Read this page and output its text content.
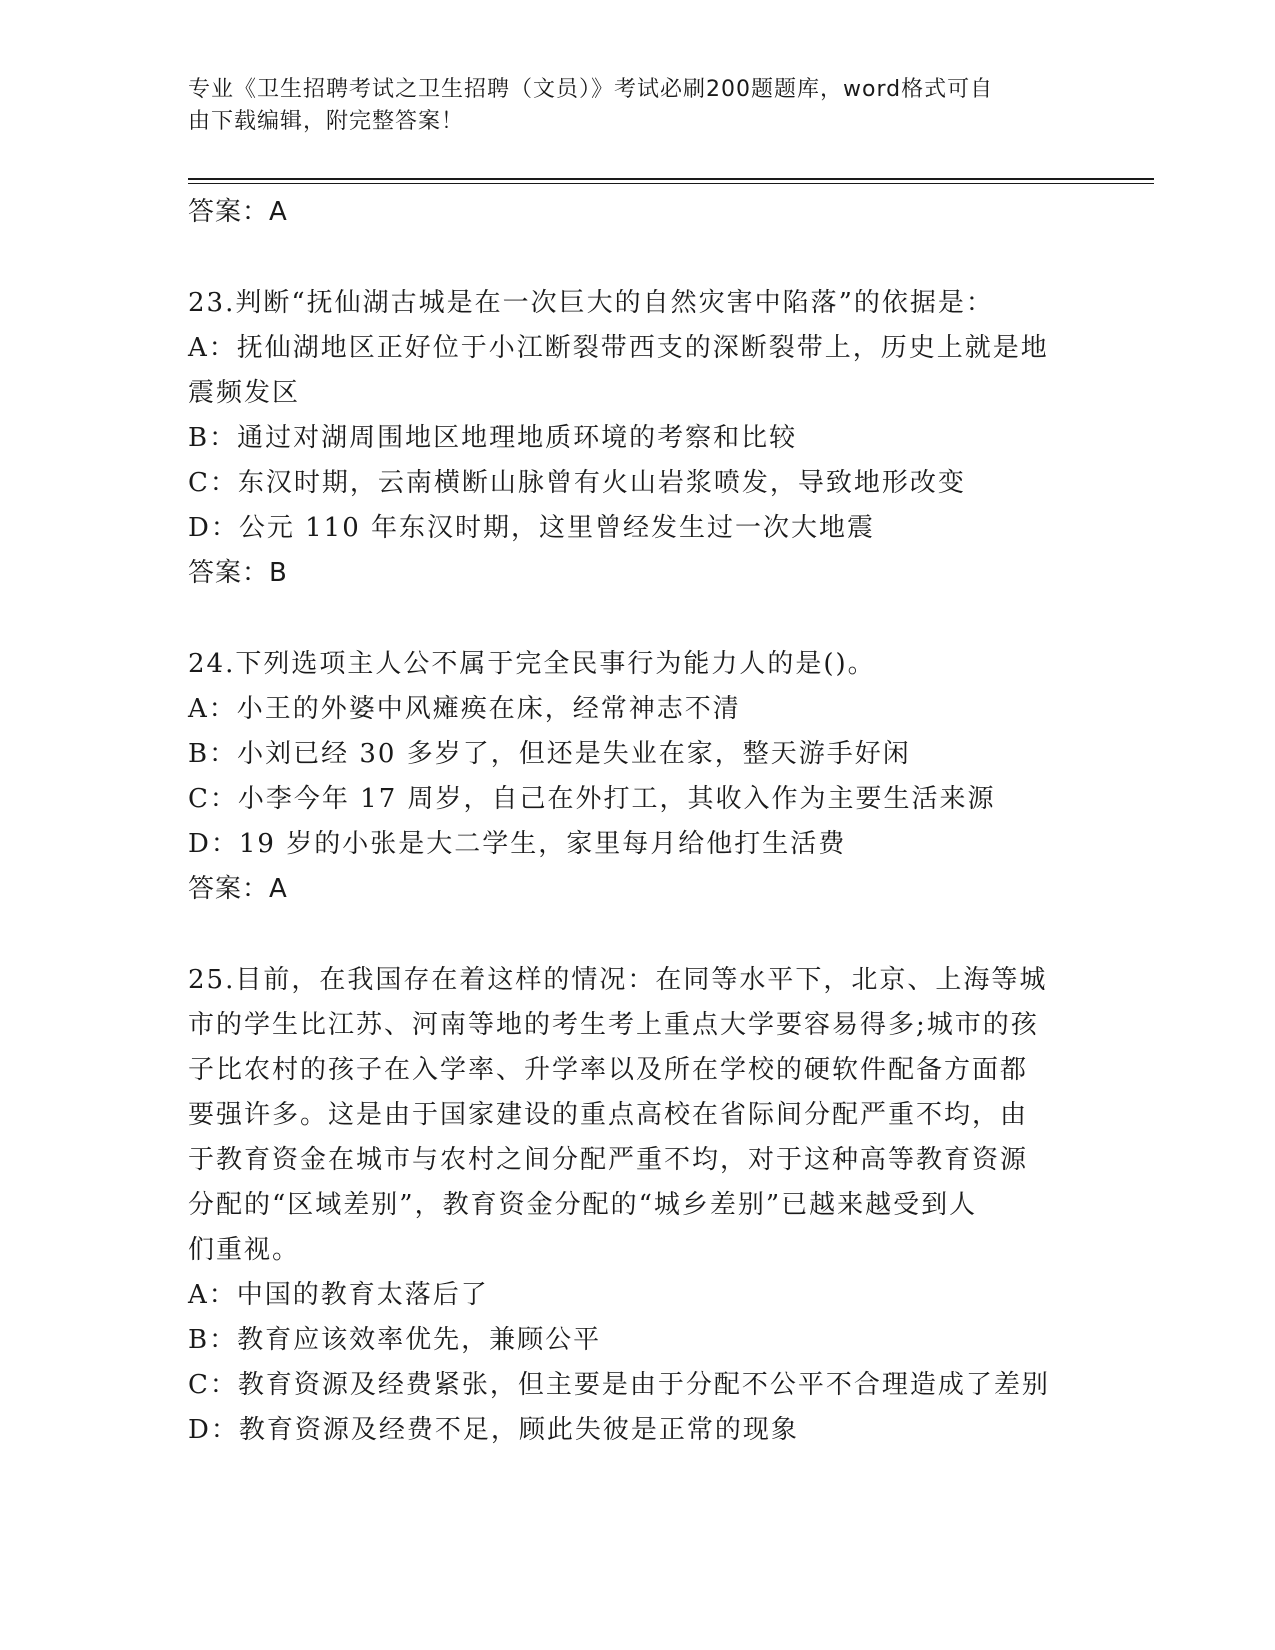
专业《卫生招聘考试之卫生招聘（文员）》考试必刷200题题库，word格式可自
由下载编辑，附完整答案！
答案：A
23.判断“抚仙湖古城是在一次巨大的自然灾害中陷落”的依据是：
A：抚仙湖地区正好位于小江断裂带西支的深断裂带上，历史上就是地
震频发区
B：通过对湖周围地区地理地质环境的考察和比较
C：东汉时期，云南横断山脉曾有火山岩浆喷发，导致地形改变
D：公元 110 年东汉时期，这里曾经发生过一次大地震
答案：B
24.下列选项主人公不属于完全民事行为能力人的是()。
A：小王的外婆中风瘫痪在床，经常神志不清
B：小刘已经 30 多岁了，但还是失业在家，整天游手好闲
C：小李今年 17 周岁，自己在外打工，其收入作为主要生活来源
D：19 岁的小张是大二学生，家里每月给他打生活费
答案：A
25.目前，在我国存在着这样的情况：在同等水平下，北京、上海等城
市的学生比江苏、河南等地的考生考上重点大学要容易得多;城市的孩
子比农村的孩子在入学率、升学率以及所在学校的硬软件配备方面都
要强许多。这是由于国家建设的重点高校在省际间分配严重不均，由
于教育资金在城市与农村之间分配严重不均，对于这种高等教育资源
分配的“区域差别”，教育资金分配的“城乡差别”已越来越受到人
们重视。
A：中国的教育太落后了
B：教育应该效率优先，兼顾公平
C：教育资源及经费紧张，但主要是由于分配不公平不合理造成了差别
D：教育资源及经费不足，顾此失彼是正常的现象
